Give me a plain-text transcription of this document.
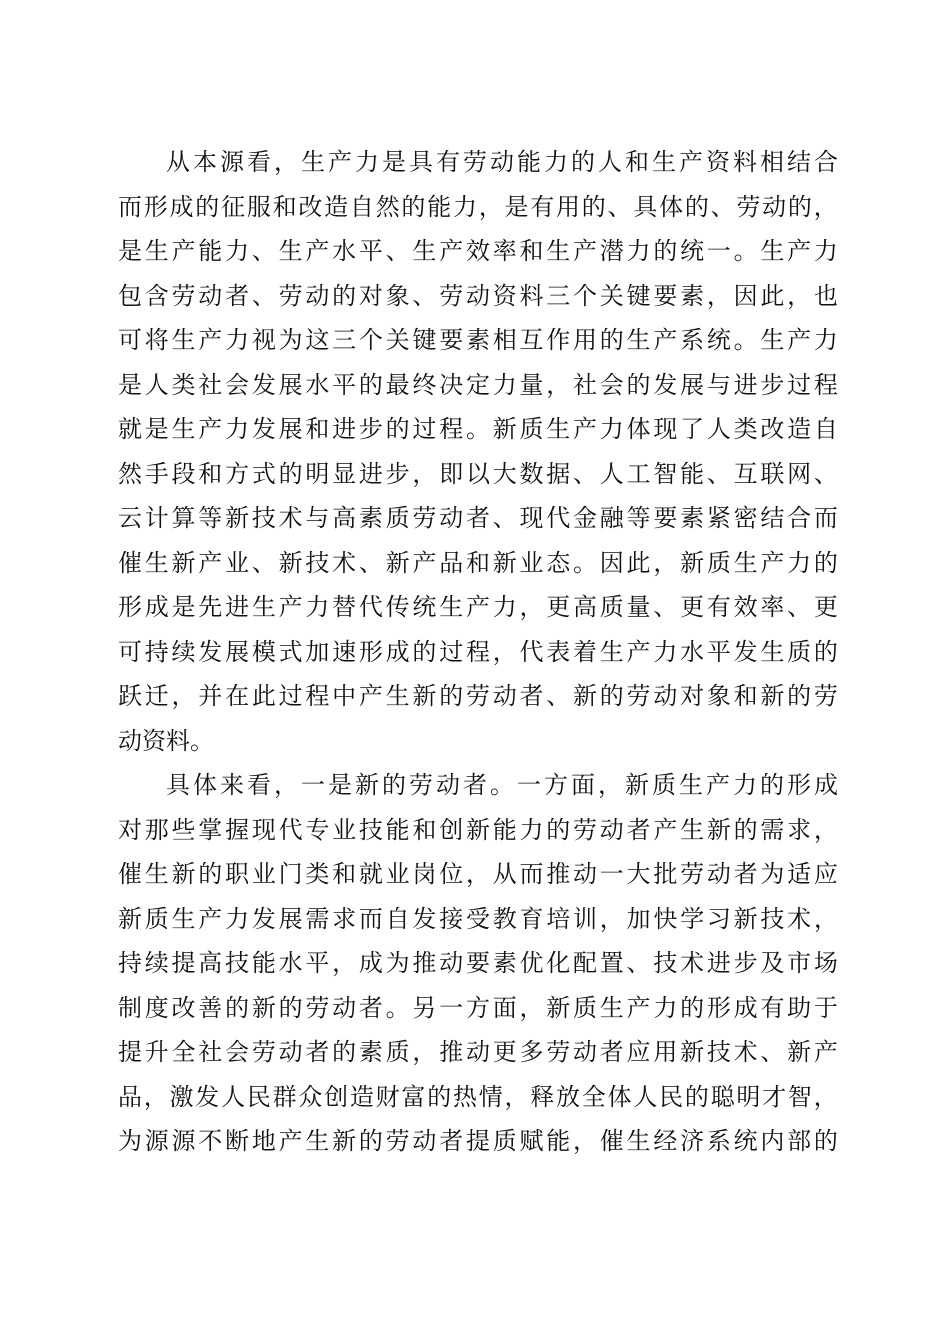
从 本 源 看 ， 生 产 力 是 具 有 劳 动 能 力 的 人 和 生 产 资 料 相 结 合
而 形 成 的 征 服 和 改 造 自 然 的 能 力 ， 是 有 用 的 、 具 体 的 、 劳 动 的 ，
是 生 产 能 力 、 生 产 水 平 、 生 产 效 率 和 生 产 潜 力 的 统 一 。 生 产 力
包 含 劳 动 者 、 劳 动 的 对 象 、 劳 动 资 料 三 个 关 键 要 素 ， 因 此 ， 也
可 将 生 产 力 视 为 这 三 个 关 键 要 素 相 互 作 用 的 生 产 系 统 。 生 产 力
是 人 类 社 会 发 展 水 平 的 最 终 决 定 力 量 ， 社 会 的 发 展 与 进 步 过 程
就 是 生 产 力 发 展 和 进 步 的 过 程 。 新 质 生 产 力 体 现 了 人 类 改 造 自
然 手 段 和 方 式 的 明 显 进 步 ， 即 以 大 数 据 、 人 工 智 能 、 互 联 网 、
云 计 算 等 新 技 术 与 高 素 质 劳 动 者 、 现 代 金 融 等 要 素 紧 密 结 合 而
催 生 新 产 业 、 新 技 术 、 新 产 品 和 新 业 态 。 因 此 ， 新 质 生 产 力 的
形 成 是 先 进 生 产 力 替 代 传 统 生 产 力 ， 更 高 质 量 、 更 有 效 率 、 更
可 持 续 发 展 模 式 加 速 形 成 的 过 程 ， 代 表 着 生 产 力 水 平 发 生 质 的
跃 迁 ， 并 在 此 过 程 中 产 生 新 的 劳 动 者 、 新 的 劳 动 对 象 和 新 的 劳
动资料。
具 体 来 看 ， 一 是 新 的 劳 动 者 。 一 方 面 ， 新 质 生 产 力 的 形 成
对 那 些 掌 握 现 代 专 业 技 能 和 创 新 能 力 的 劳 动 者 产 生 新 的 需 求 ，
催 生 新 的 职 业 门 类 和 就 业 岗 位 ， 从 而 推 动 一 大 批 劳 动 者 为 适 应
新 质 生 产 力 发 展 需 求 而 自 发 接 受 教 育 培 训 ， 加 快 学 习 新 技 术 ，
持 续 提 高 技 能 水 平 ， 成 为 推 动 要 素 优 化 配 置 、 技 术 进 步 及 市 场
制 度 改 善 的 新 的 劳 动 者 。 另 一 方 面 ， 新 质 生 产 力 的 形 成 有 助 于
提 升 全 社 会 劳 动 者 的 素 质 ， 推 动 更 多 劳 动 者 应 用 新 技 术 、 新 产
品 ， 激 发 人 民 群 众 创 造 财 富 的 热 情 ， 释 放 全 体 人 民 的 聪 明 才 智 ，
为 源 源 不 断 地 产 生 新 的 劳 动 者 提 质 赋 能 ， 催 生 经 济 系 统 内 部 的
